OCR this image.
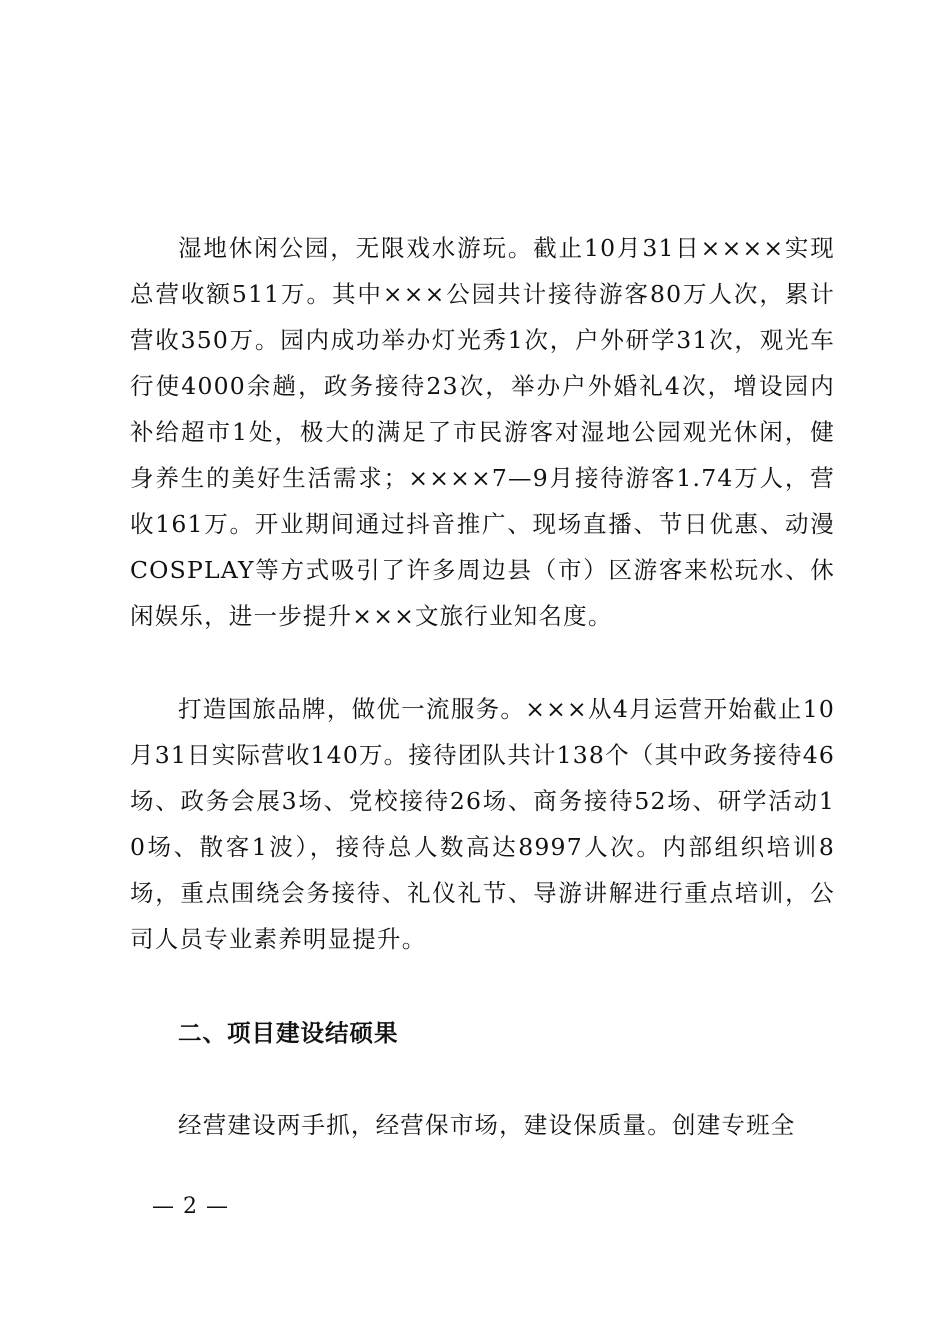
湿地休闲公园，无限戏水游玩。截止10月31日××××实现总营收额511万。其中×××公园共计接待游客80万人次，累计营收350万。园内成功举办灯光秀1次，户外研学31次，观光车行使4000余趟，政务接待23次，举办户外婚礼4次，增设园内补给超市1处，极大的满足了市民游客对湿地公园观光休闲，健身养生的美好生活需求；××××7—9月接待游客1.74万人，营收161万。开业期间通过抖音推广、现场直播、节日优惠、动漫COSPLAY等方式吸引了许多周边县（市）区游客来松玩水、休闲娱乐，进一步提升×××文旅行业知名度。

打造国旅品牌，做优一流服务。×××从4月运营开始截止10月31日实际营收140万。接待团队共计138个（其中政务接待46场、政务会展3场、党校接待26场、商务接待52场、研学活动10场、散客1波），接待总人数高达8997人次。内部组织培训8场，重点围绕会务接待、礼仪礼节、导游讲解进行重点培训，公司人员专业素养明显提升。

二、项目建设结硕果

经营建设两手抓，经营保市场，建设保质量。创建专班全

— 2 —
